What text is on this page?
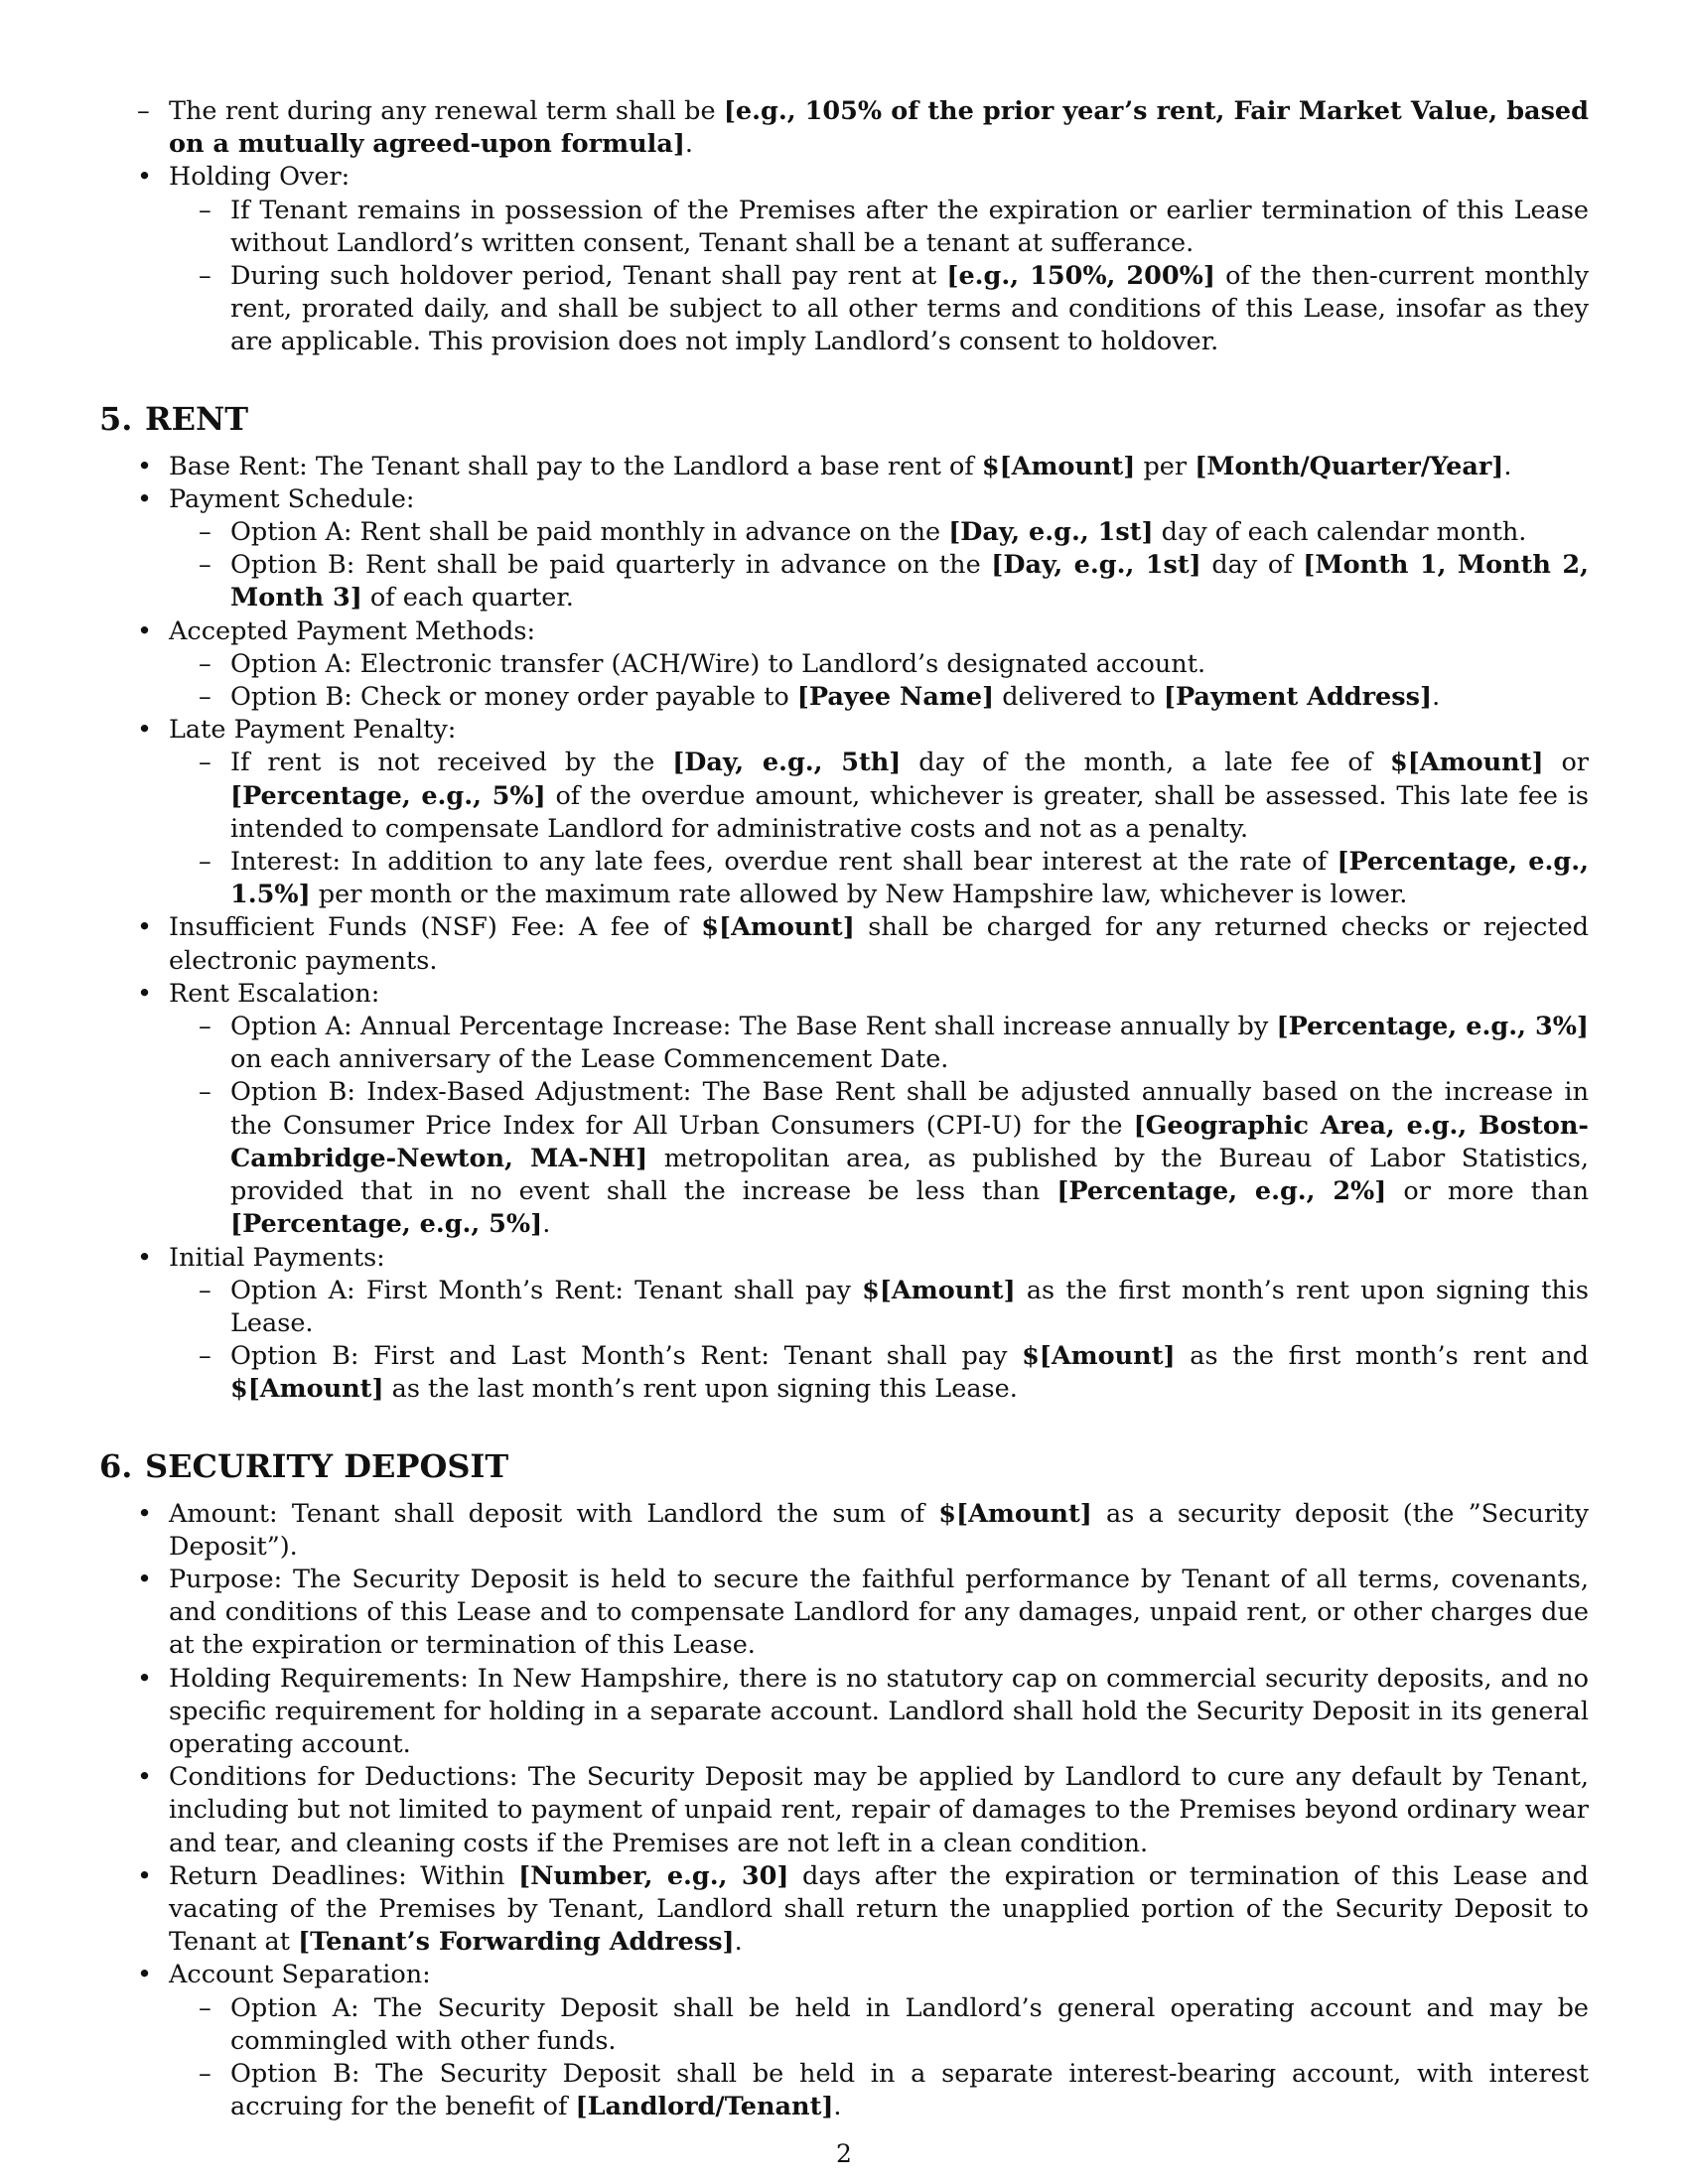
– The rent during any renewal term shall be [e.g., 105% of the prior year’s rent, Fair Market Value, based on a mutually agreed-upon formula].
• Holding Over:
– If Tenant remains in possession of the Premises after the expiration or earlier termination of this Lease without Landlord’s written consent, Tenant shall be a tenant at sufferance.
– During such holdover period, Tenant shall pay rent at [e.g., 150%, 200%] of the then-current monthly rent, prorated daily, and shall be subject to all other terms and conditions of this Lease, insofar as they are applicable. This provision does not imply Landlord’s consent to holdover.
5. RENT
• Base Rent: The Tenant shall pay to the Landlord a base rent of $[Amount] per [Month/Quarter/Year].
• Payment Schedule:
– Option A: Rent shall be paid monthly in advance on the [Day, e.g., 1st] day of each calendar month.
– Option B: Rent shall be paid quarterly in advance on the [Day, e.g., 1st] day of [Month 1, Month 2, Month 3] of each quarter.
• Accepted Payment Methods:
– Option A: Electronic transfer (ACH/Wire) to Landlord’s designated account.
– Option B: Check or money order payable to [Payee Name] delivered to [Payment Address].
• Late Payment Penalty:
– If rent is not received by the [Day, e.g., 5th] day of the month, a late fee of $[Amount] or [Percentage, e.g., 5%] of the overdue amount, whichever is greater, shall be assessed. This late fee is intended to compensate Landlord for administrative costs and not as a penalty.
– Interest: In addition to any late fees, overdue rent shall bear interest at the rate of [Percentage, e.g., 1.5%] per month or the maximum rate allowed by New Hampshire law, whichever is lower.
• Insufficient Funds (NSF) Fee: A fee of $[Amount] shall be charged for any returned checks or rejected electronic payments.
• Rent Escalation:
– Option A: Annual Percentage Increase: The Base Rent shall increase annually by [Percentage, e.g., 3%] on each anniversary of the Lease Commencement Date.
– Option B: Index-Based Adjustment: The Base Rent shall be adjusted annually based on the increase in the Consumer Price Index for All Urban Consumers (CPI-U) for the [Geographic Area, e.g., Boston-Cambridge-Newton, MA-NH] metropolitan area, as published by the Bureau of Labor Statistics, provided that in no event shall the increase be less than [Percentage, e.g., 2%] or more than [Percentage, e.g., 5%].
• Initial Payments:
– Option A: First Month’s Rent: Tenant shall pay $[Amount] as the first month’s rent upon signing this Lease.
– Option B: First and Last Month’s Rent: Tenant shall pay $[Amount] as the first month’s rent and $[Amount] as the last month’s rent upon signing this Lease.
6. SECURITY DEPOSIT
• Amount: Tenant shall deposit with Landlord the sum of $[Amount] as a security deposit (the ”Security Deposit”).
• Purpose: The Security Deposit is held to secure the faithful performance by Tenant of all terms, covenants, and conditions of this Lease and to compensate Landlord for any damages, unpaid rent, or other charges due at the expiration or termination of this Lease.
• Holding Requirements: In New Hampshire, there is no statutory cap on commercial security deposits, and no specific requirement for holding in a separate account. Landlord shall hold the Security Deposit in its general operating account.
• Conditions for Deductions: The Security Deposit may be applied by Landlord to cure any default by Tenant, including but not limited to payment of unpaid rent, repair of damages to the Premises beyond ordinary wear and tear, and cleaning costs if the Premises are not left in a clean condition.
• Return Deadlines: Within [Number, e.g., 30] days after the expiration or termination of this Lease and vacating of the Premises by Tenant, Landlord shall return the unapplied portion of the Security Deposit to Tenant at [Tenant’s Forwarding Address].
• Account Separation:
– Option A: The Security Deposit shall be held in Landlord’s general operating account and may be commingled with other funds.
– Option B: The Security Deposit shall be held in a separate interest-bearing account, with interest accruing for the benefit of [Landlord/Tenant].
2
